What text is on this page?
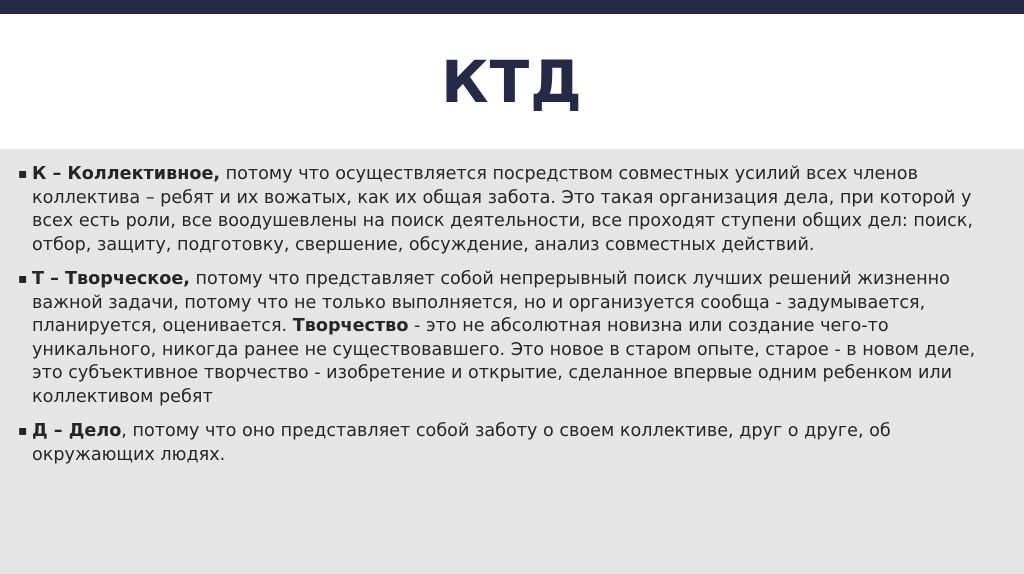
КТД
▪ К – Коллективное, потому что осуществляется посредством совместных усилий всех членов коллектива – ребят и их вожатых, как их общая забота. Это такая организация дела, при которой у всех есть роли, все воодушевлены на поиск деятельности, все проходят ступени общих дел: поиск, отбор, защиту, подготовку, свершение, обсуждение, анализ совместных действий.
▪ Т – Творческое, потому что представляет собой непрерывный поиск лучших решений жизненно важной задачи, потому что не только выполняется, но и организуется сообща - задумывается, планируется, оценивается. Творчество - это не абсолютная новизна или создание чего-то уникального, никогда ранее не существовавшего. Это новое в старом опыте, старое - в новом деле, это субъективное творчество - изобретение и открытие, сделанное впервые одним ребенком или коллективом ребят
▪ Д – Дело, потому что оно представляет собой заботу о своем коллективе, друг о друге, об окружающих людях.
